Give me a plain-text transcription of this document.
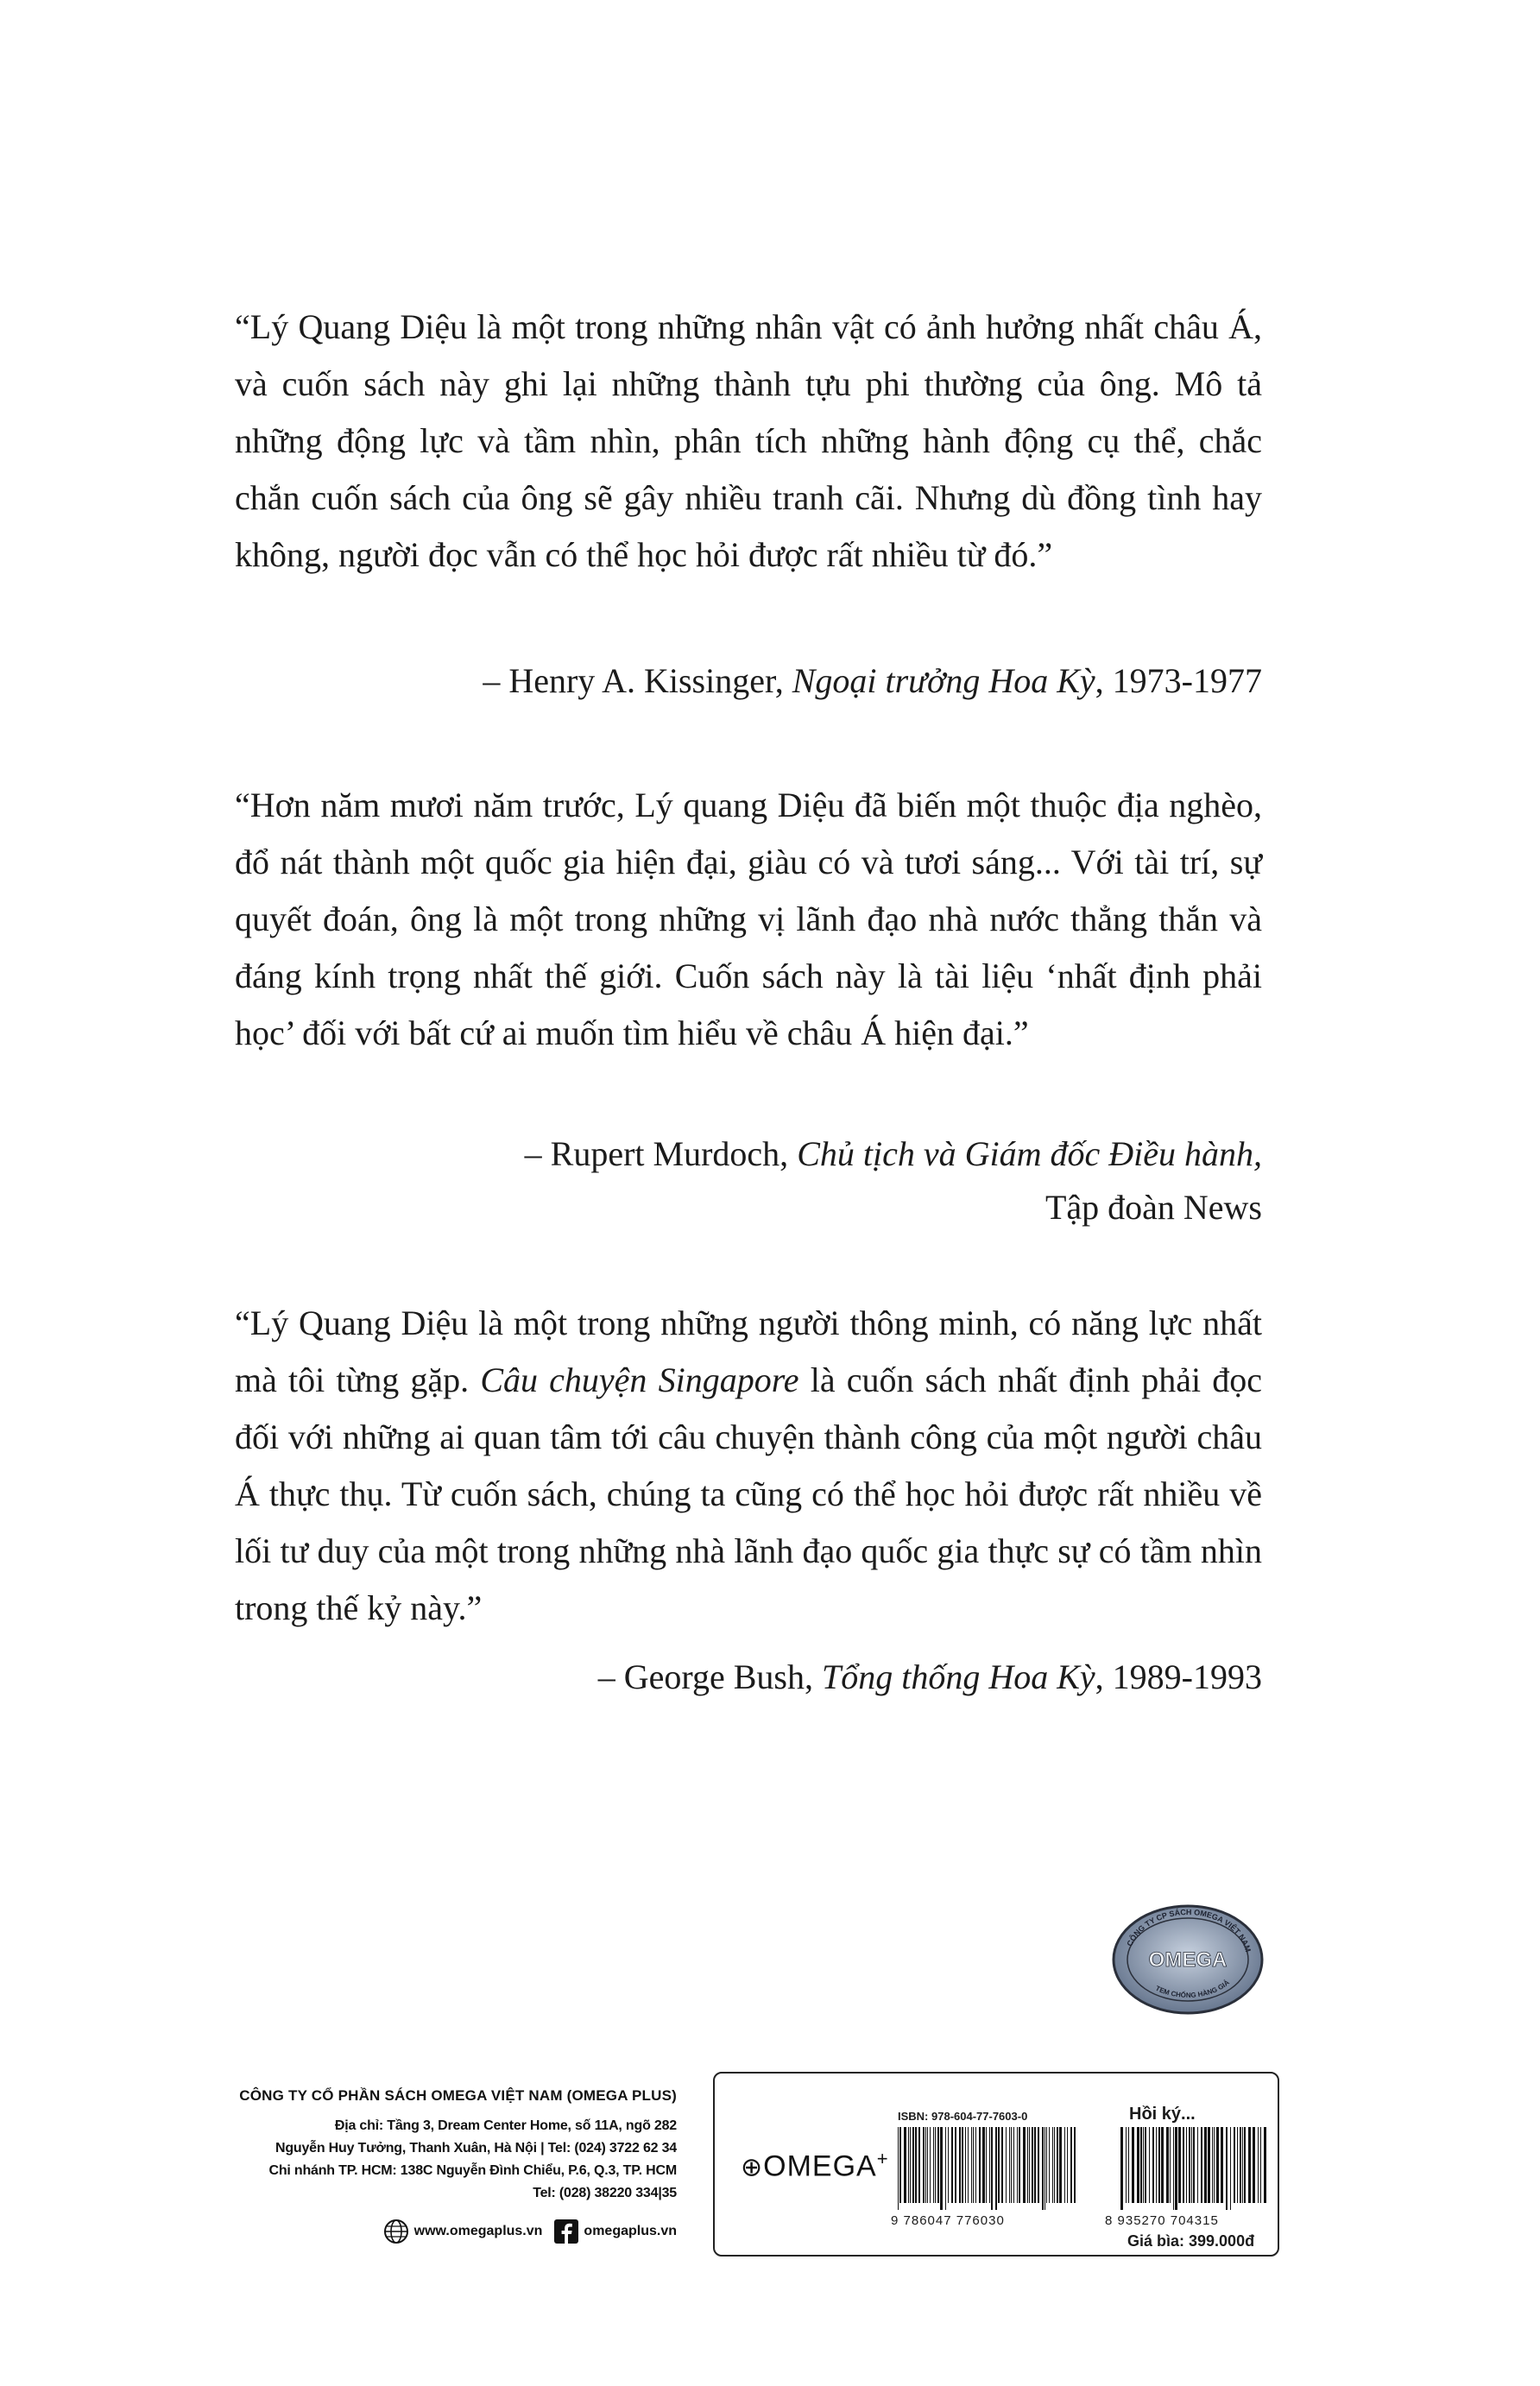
“Lý Quang Diệu là một trong những nhân vật có ảnh hưởng nhất châu Á, và cuốn sách này ghi lại những thành tựu phi thường của ông. Mô tả những động lực và tầm nhìn, phân tích những hành động cụ thể, chắc chắn cuốn sách của ông sẽ gây nhiều tranh cãi. Nhưng dù đồng tình hay không, người đọc vẫn có thể học hỏi được rất nhiều từ đó.”

– Henry A. Kissinger, Ngoại trưởng Hoa Kỳ, 1973-1977

“Hơn năm mươi năm trước, Lý quang Diệu đã biến một thuộc địa nghèo, đổ nát thành một quốc gia hiện đại, giàu có và tươi sáng... Với tài trí, sự quyết đoán, ông là một trong những vị lãnh đạo nhà nước thẳng thắn và đáng kính trọng nhất thế giới. Cuốn sách này là tài liệu ‘nhất định phải học’ đối với bất cứ ai muốn tìm hiểu về châu Á hiện đại.”

– Rupert Murdoch, Chủ tịch và Giám đốc Điều hành,
Tập đoàn News

“Lý Quang Diệu là một trong những người thông minh, có năng lực nhất mà tôi từng gặp. Câu chuyện Singapore là cuốn sách nhất định phải đọc đối với những ai quan tâm tới câu chuyện thành công của một người châu Á thực thụ. Từ cuốn sách, chúng ta cũng có thể học hỏi được rất nhiều về lối tư duy của một trong những nhà lãnh đạo quốc gia thực sự có tầm nhìn trong thế kỷ này.”

– George Bush, Tổng thống Hoa Kỳ, 1989-1993

CÔNG TY CP SÁCH OMEGA VIỆT NAM
OMEGA
TEM CHỐNG HÀNG GIẢ
CÔNG TY CỔ PHẦN SÁCH OMEGA VIỆT NAM (OMEGA PLUS)
Địa chỉ: Tầng 3, Dream Center Home, số 11A, ngõ 282
Nguyễn Huy Tưởng, Thanh Xuân, Hà Nội | Tel: (024) 3722 62 34
Chi nhánh TP. HCM: 138C Nguyễn Đình Chiểu, P.6, Q.3, TP. HCM
Tel: (028) 38220 334|35
www.omegaplus.vn	omegaplus.vn
⊕OMEGA+
ISBN: 978-604-77-7603-0
9 786047 776030
Hồi ký...
8 935270 704315
Giá bìa: 399.000đ
